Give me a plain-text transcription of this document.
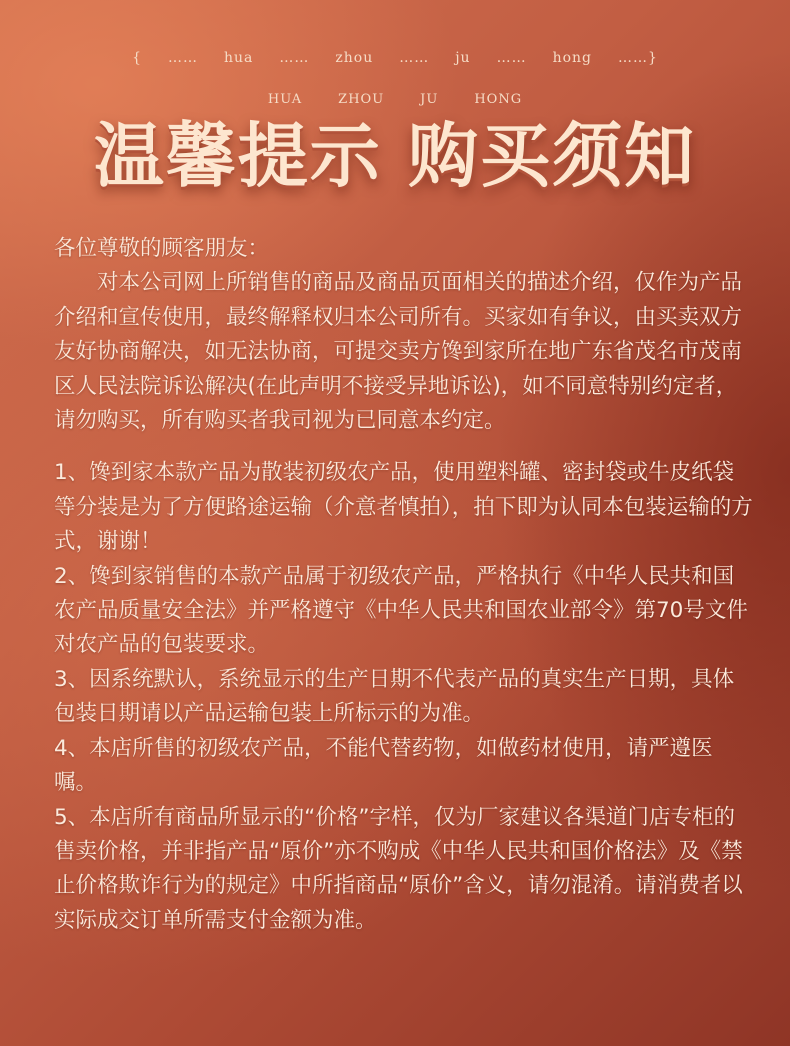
{ …… hua …… zhou …… ju …… hong ……}
HUA	ZHOU	JU	HONG
温馨提示 购买须知

各位尊敬的顾客朋友：

对本公司网上所销售的商品及商品页面相关的描述介绍，仅作为产品介绍和宣传使用，最终解释权归本公司所有。买家如有争议，由买卖双方友好协商解决，如无法协商，可提交卖方馋到家所在地广东省茂名市茂南区人民法院诉讼解决(在此声明不接受异地诉讼)，如不同意特别约定者，请勿购买，所有购买者我司视为已同意本约定。

1、馋到家本款产品为散装初级农产品，使用塑料罐、密封袋或牛皮纸袋等分装是为了方便路途运输（介意者慎拍），拍下即为认同本包装运输的方式，谢谢！

2、馋到家销售的本款产品属于初级农产品，严格执行《中华人民共和国农产品质量安全法》并严格遵守《中华人民共和国农业部令》第70号文件对农产品的包装要求。

3、因系统默认，系统显示的生产日期不代表产品的真实生产日期，具体包装日期请以产品运输包装上所标示的为准。

4、本店所售的初级农产品，不能代替药物，如做药材使用，请严遵医嘱。

5、本店所有商品所显示的“价格”字样，仅为厂家建议各渠道门店专柜的售卖价格，并非指产品“原价”亦不购成《中华人民共和国价格法》及《禁止价格欺诈行为的规定》中所指商品“原价”含义，请勿混淆。请消费者以实际成交订单所需支付金额为准。
